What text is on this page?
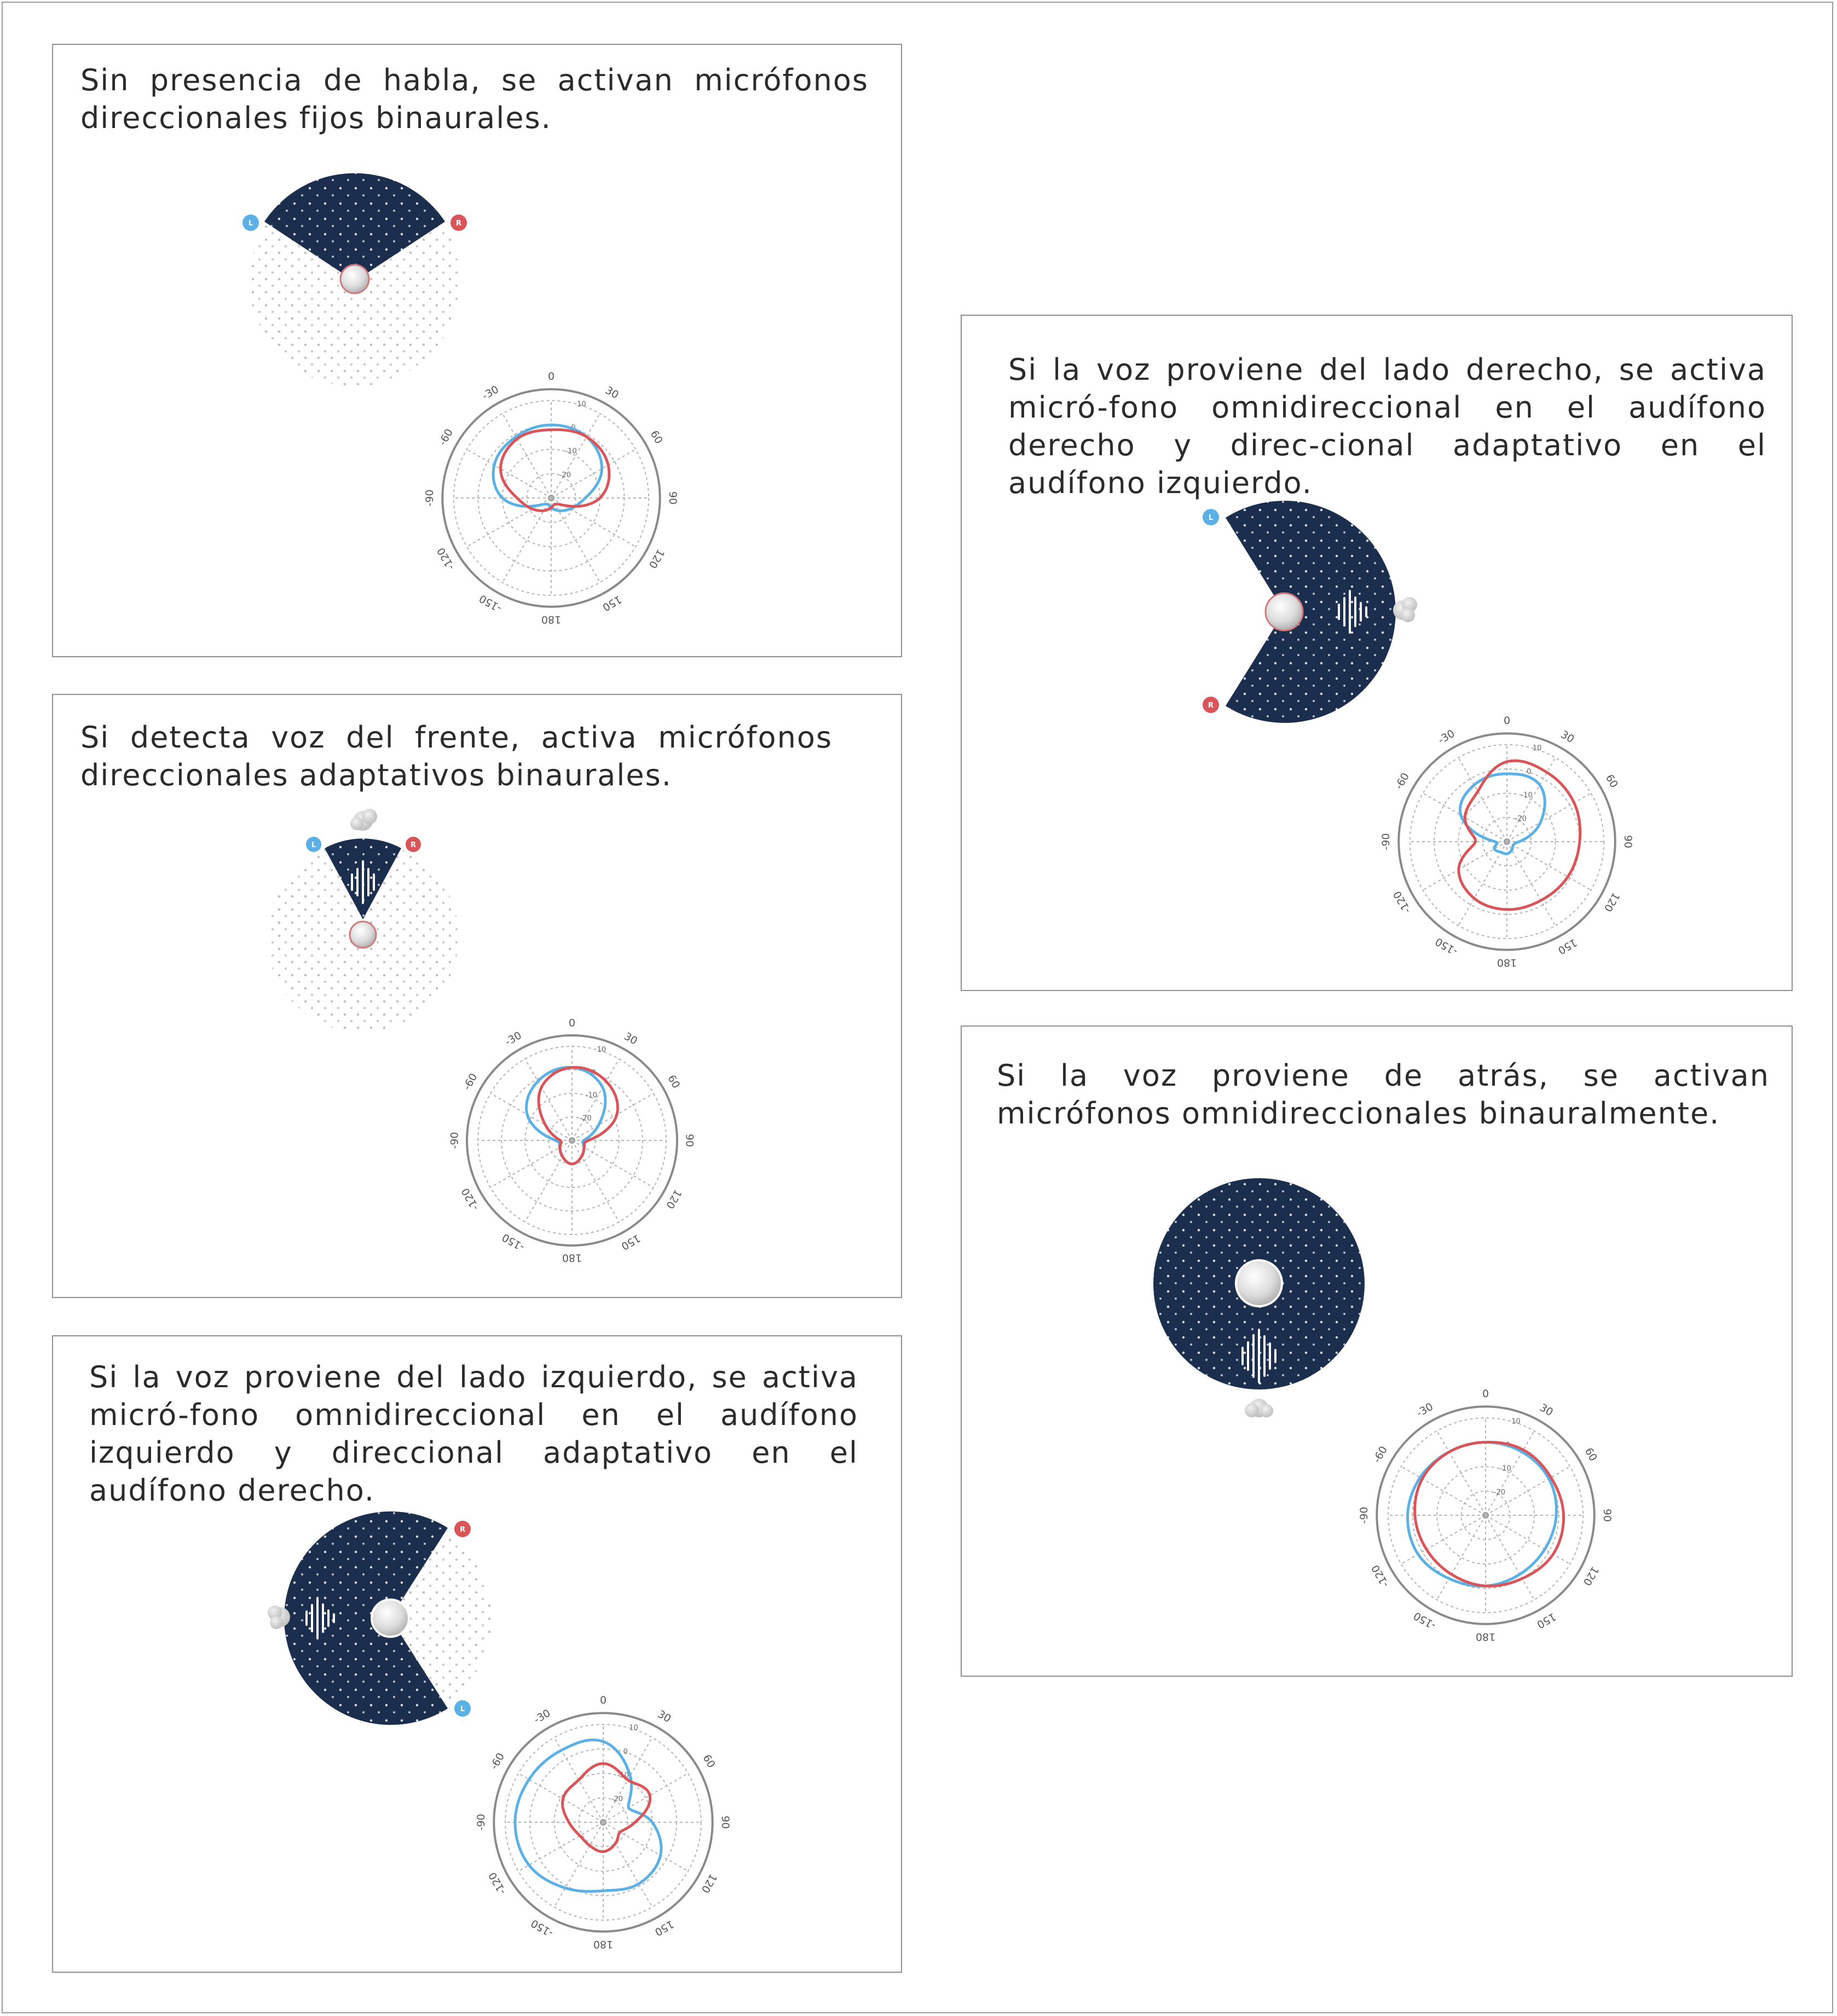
Sin presencia de habla, se activan micrófonos direccionales fijos binaurales.
Si la voz proviene del lado derecho, se activa micró-fono omnidireccional en el audífono derecho y direc-cional adaptativo en el audífono izquierdo.
Si detecta voz del frente, activa micrófonos direccionales adaptativos binaurales.
Si la voz proviene de atrás, se activan micrófonos omnidireccionales binauralmente.
Si la voz proviene del lado izquierdo, se activa micró-fono omnidireccional en el audífono izquierdo y direccional adaptativo en el audífono derecho.
L	R
L
R
L	R
R
L
10
0
-10
-20
0
30
60
90
120
150
180
-150
-120
-90
-60
-30
10
0
-10
-20
0
30
60
90
120
150
180
-150
-120
-90
-60
-30
10
0
-10
-20
0
30
60
90
120
150
180
-150
-120
-90
-60
-30
10
0
-10
-20
0
30
60
90
120
150
180
-150
-120
-90
-60
-30
10
0
-10
-20
0
30
60
90
120
150
180
-150
-120
-90
-60
-30
